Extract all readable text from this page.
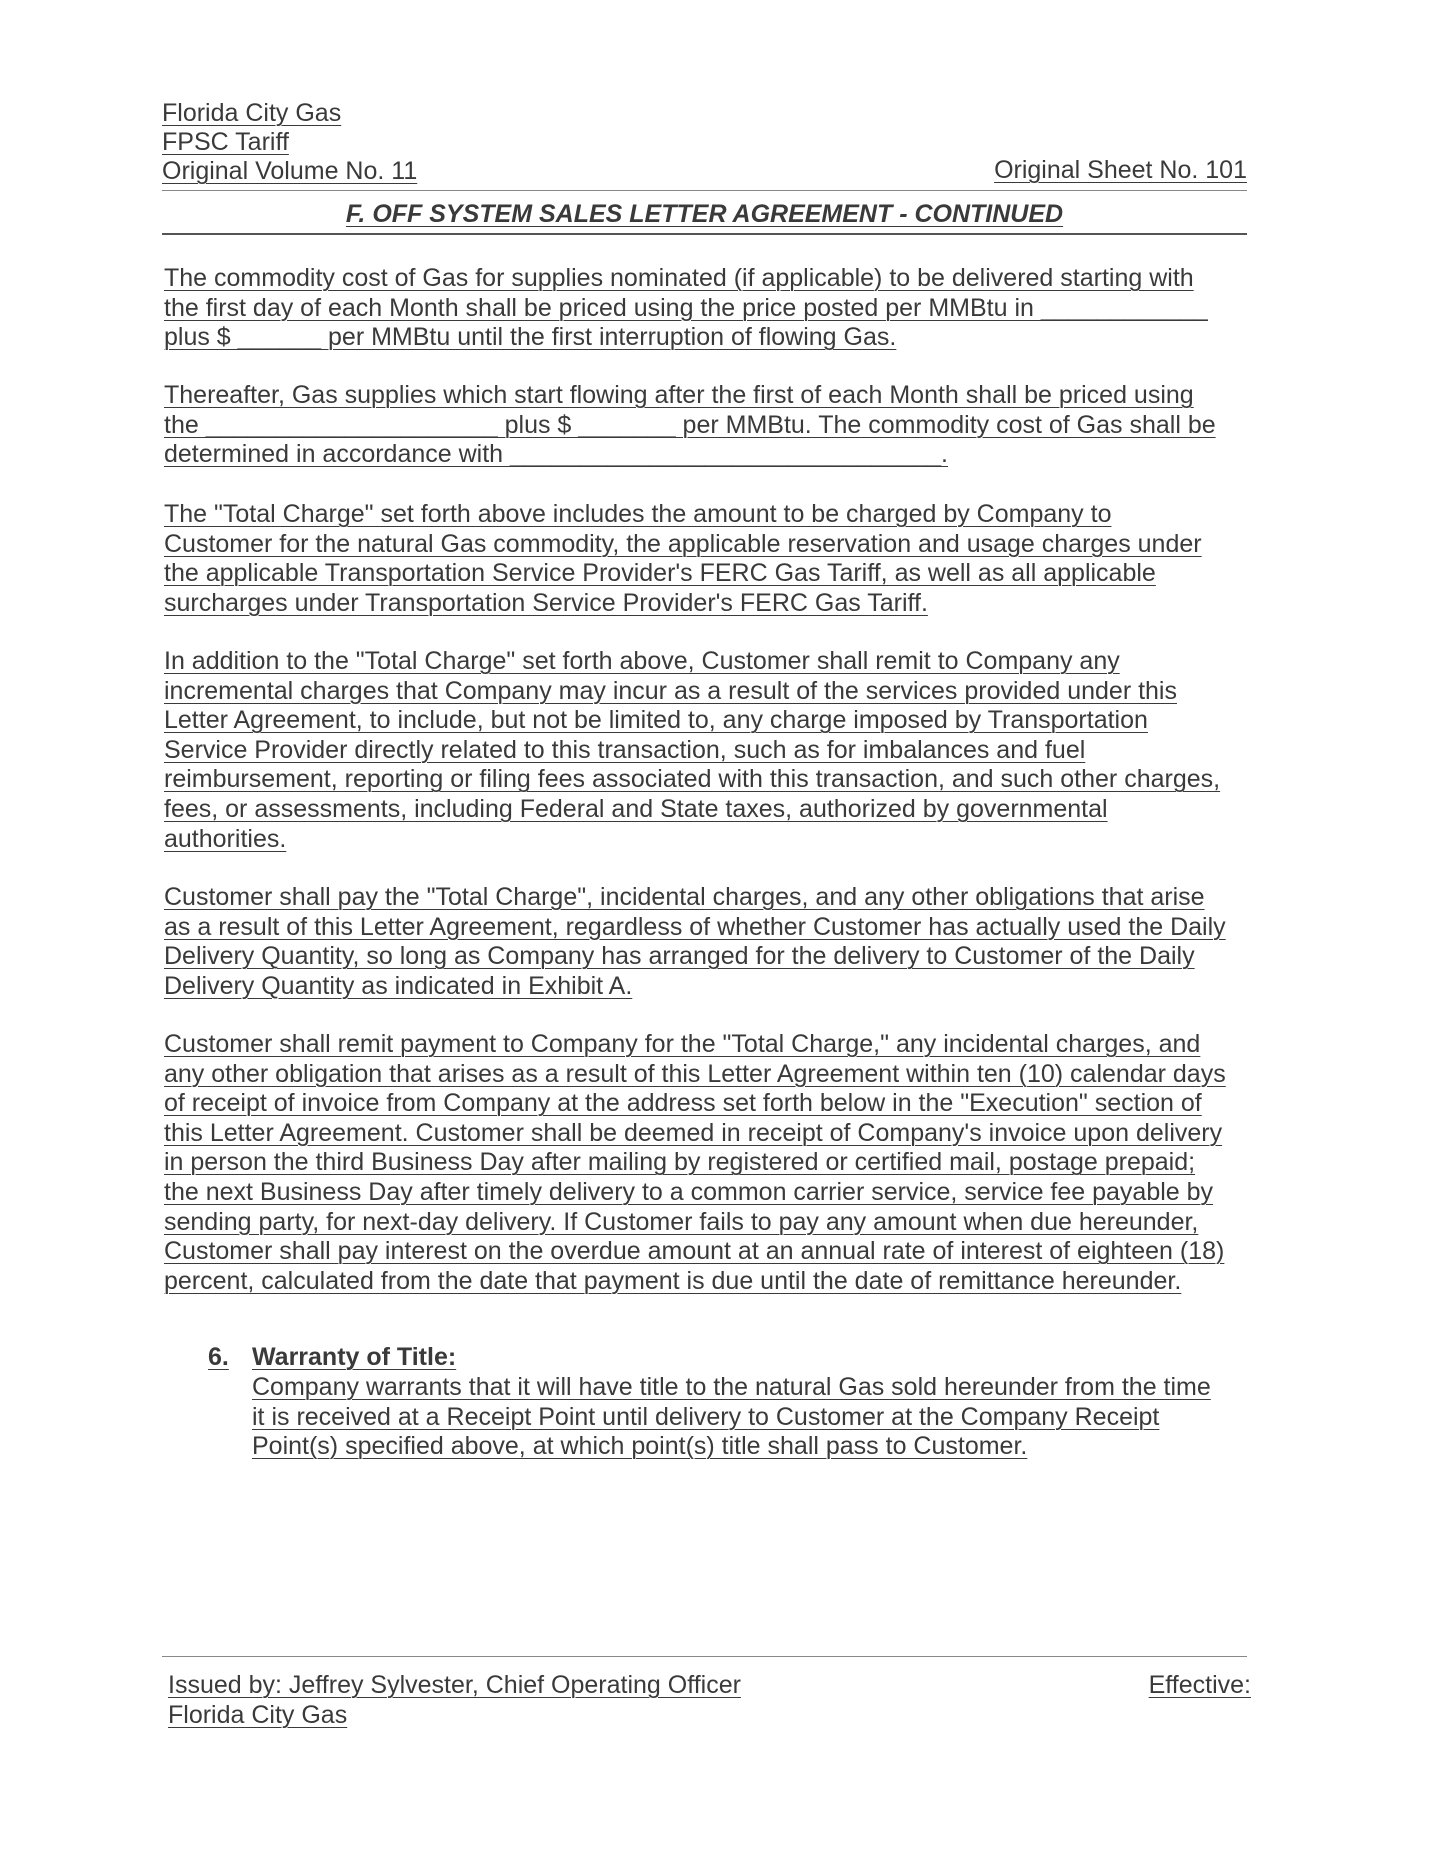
Florida City Gas
FPSC Tariff
Original Volume No. 11	Original Sheet No. 101
F. OFF SYSTEM SALES LETTER AGREEMENT - CONTINUED
The commodity cost of Gas for supplies nominated (if applicable) to be delivered starting with
the first day of each Month shall be priced using the price posted per MMBtu in ____________
plus $ ______ per MMBtu until the first interruption of flowing Gas.
Thereafter, Gas supplies which start flowing after the first of each Month shall be priced using
the _____________________ plus $ _______ per MMBtu. The commodity cost of Gas shall be
determined in accordance with _______________________________.
The "Total Charge" set forth above includes the amount to be charged by Company to
Customer for the natural Gas commodity, the applicable reservation and usage charges under
the applicable Transportation Service Provider's FERC Gas Tariff, as well as all applicable
surcharges under Transportation Service Provider's FERC Gas Tariff.
In addition to the "Total Charge" set forth above, Customer shall remit to Company any
incremental charges that Company may incur as a result of the services provided under this
Letter Agreement, to include, but not be limited to, any charge imposed by Transportation
Service Provider directly related to this transaction, such as for imbalances and fuel
reimbursement, reporting or filing fees associated with this transaction, and such other charges,
fees, or assessments, including Federal and State taxes, authorized by governmental
authorities.
Customer shall pay the "Total Charge", incidental charges, and any other obligations that arise
as a result of this Letter Agreement, regardless of whether Customer has actually used the Daily
Delivery Quantity, so long as Company has arranged for the delivery to Customer of the Daily
Delivery Quantity as indicated in Exhibit A.
Customer shall remit payment to Company for the "Total Charge," any incidental charges, and
any other obligation that arises as a result of this Letter Agreement within ten (10) calendar days
of receipt of invoice from Company at the address set forth below in the "Execution" section of
this Letter Agreement. Customer shall be deemed in receipt of Company's invoice upon delivery
in person the third Business Day after mailing by registered or certified mail, postage prepaid;
the next Business Day after timely delivery to a common carrier service, service fee payable by
sending party, for next-day delivery. If Customer fails to pay any amount when due hereunder,
Customer shall pay interest on the overdue amount at an annual rate of interest of eighteen (18)
percent, calculated from the date that payment is due until the date of remittance hereunder.
6. Warranty of Title:
Company warrants that it will have title to the natural Gas sold hereunder from the time
it is received at a Receipt Point until delivery to Customer at the Company Receipt
Point(s) specified above, at which point(s) title shall pass to Customer.
Issued by: Jeffrey Sylvester, Chief Operating Officer
Florida City Gas
Effective:
